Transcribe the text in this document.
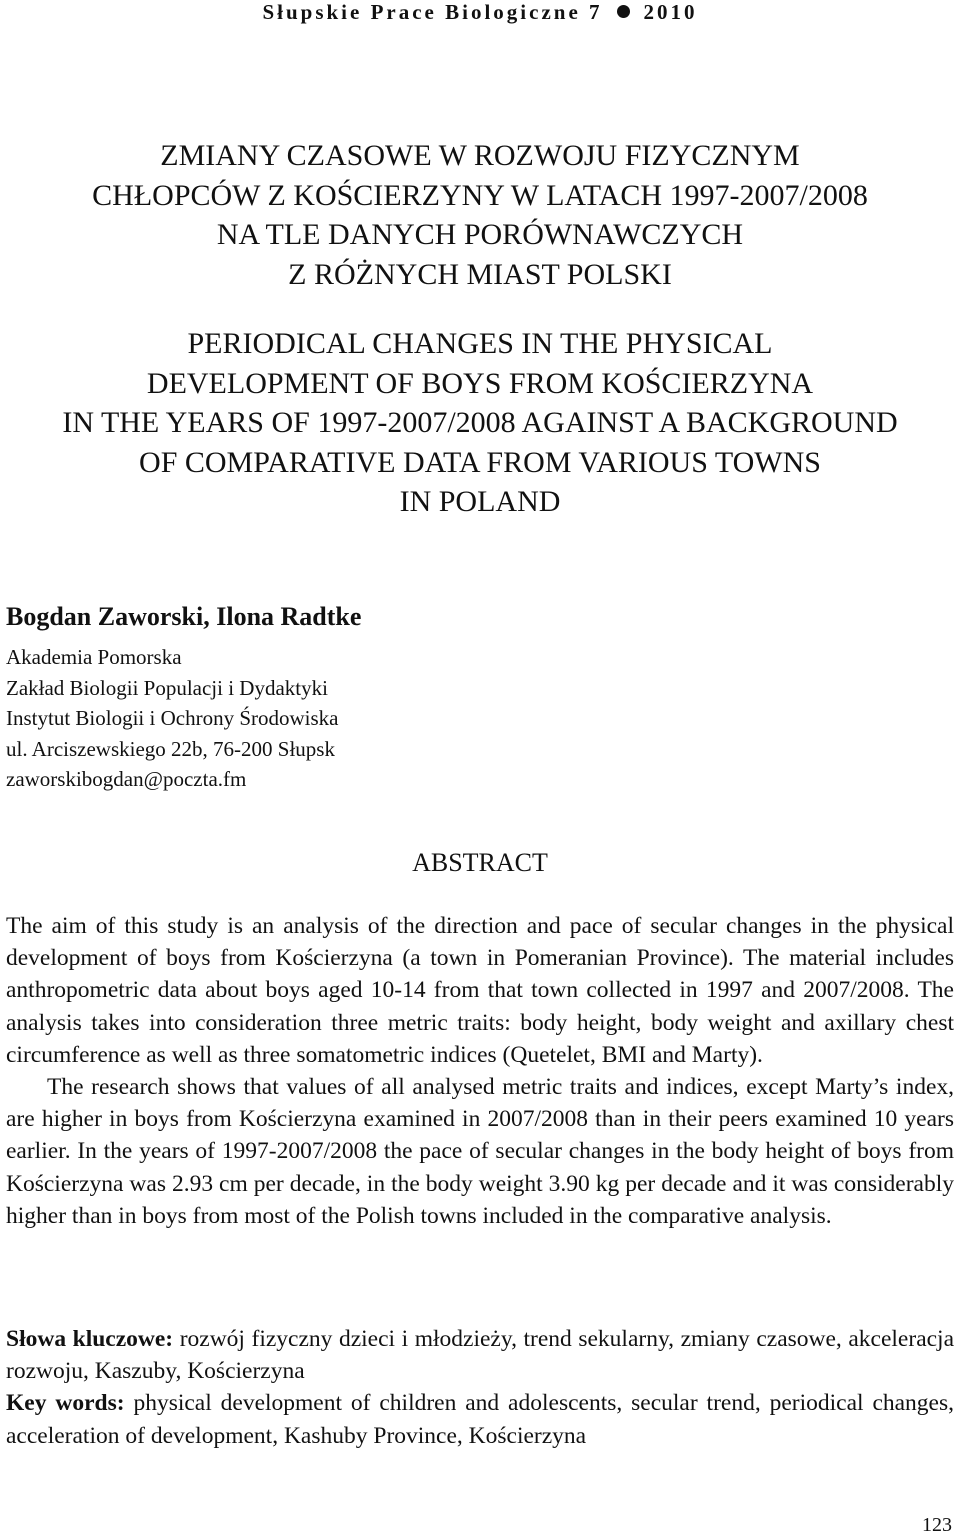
Słupskie Prace Biologiczne 7 2010
ZMIANY CZASOWE W ROZWOJU FIZYCZNYM
CHŁOPCÓW Z KOŚCIERZYNY W LATACH 1997-2007/2008
NA TLE DANYCH PORÓWNAWCZYCH
Z RÓŻNYCH MIAST POLSKI
PERIODICAL CHANGES IN THE PHYSICAL
DEVELOPMENT OF BOYS FROM KOŚCIERZYNA
IN THE YEARS OF 1997-2007/2008 AGAINST A BACKGROUND
OF COMPARATIVE DATA FROM VARIOUS TOWNS
IN POLAND
Bogdan Zaworski, Ilona Radtke
Akademia Pomorska
Zakład Biologii Populacji i Dydaktyki
Instytut Biologii i Ochrony Środowiska
ul. Arciszewskiego 22b, 76-200 Słupsk
zaworskibogdan@poczta.fm
ABSTRACT

The aim of this study is an analysis of the direction and pace of secular changes in the physical development of boys from Kościerzyna (a town in Pomeranian Province). The material includes anthropometric data about boys aged 10-14 from that town collected in 1997 and 2007/2008. The analysis takes into consideration three metric traits: body height, body weight and axillary chest circumference as well as three somatometric indices (Quetelet, BMI and Marty).

The research shows that values of all analysed metric traits and indices, except Marty’s index, are higher in boys from Kościerzyna examined in 2007/2008 than in their peers examined 10 years earlier. In the years of 1997-2007/2008 the pace of secular changes in the body height of boys from Kościerzyna was 2.93 cm per decade, in the body weight 3.90 kg per decade and it was considerably higher than in boys from most of the Polish towns included in the comparative analysis.

Słowa kluczowe: rozwój fizyczny dzieci i młodzieży, trend sekularny, zmiany czasowe, akceleracja rozwoju, Kaszuby, Kościerzyna

Key words: physical development of children and adolescents, secular trend, periodical changes, acceleration of development, Kashuby Province, Kościerzyna

123
